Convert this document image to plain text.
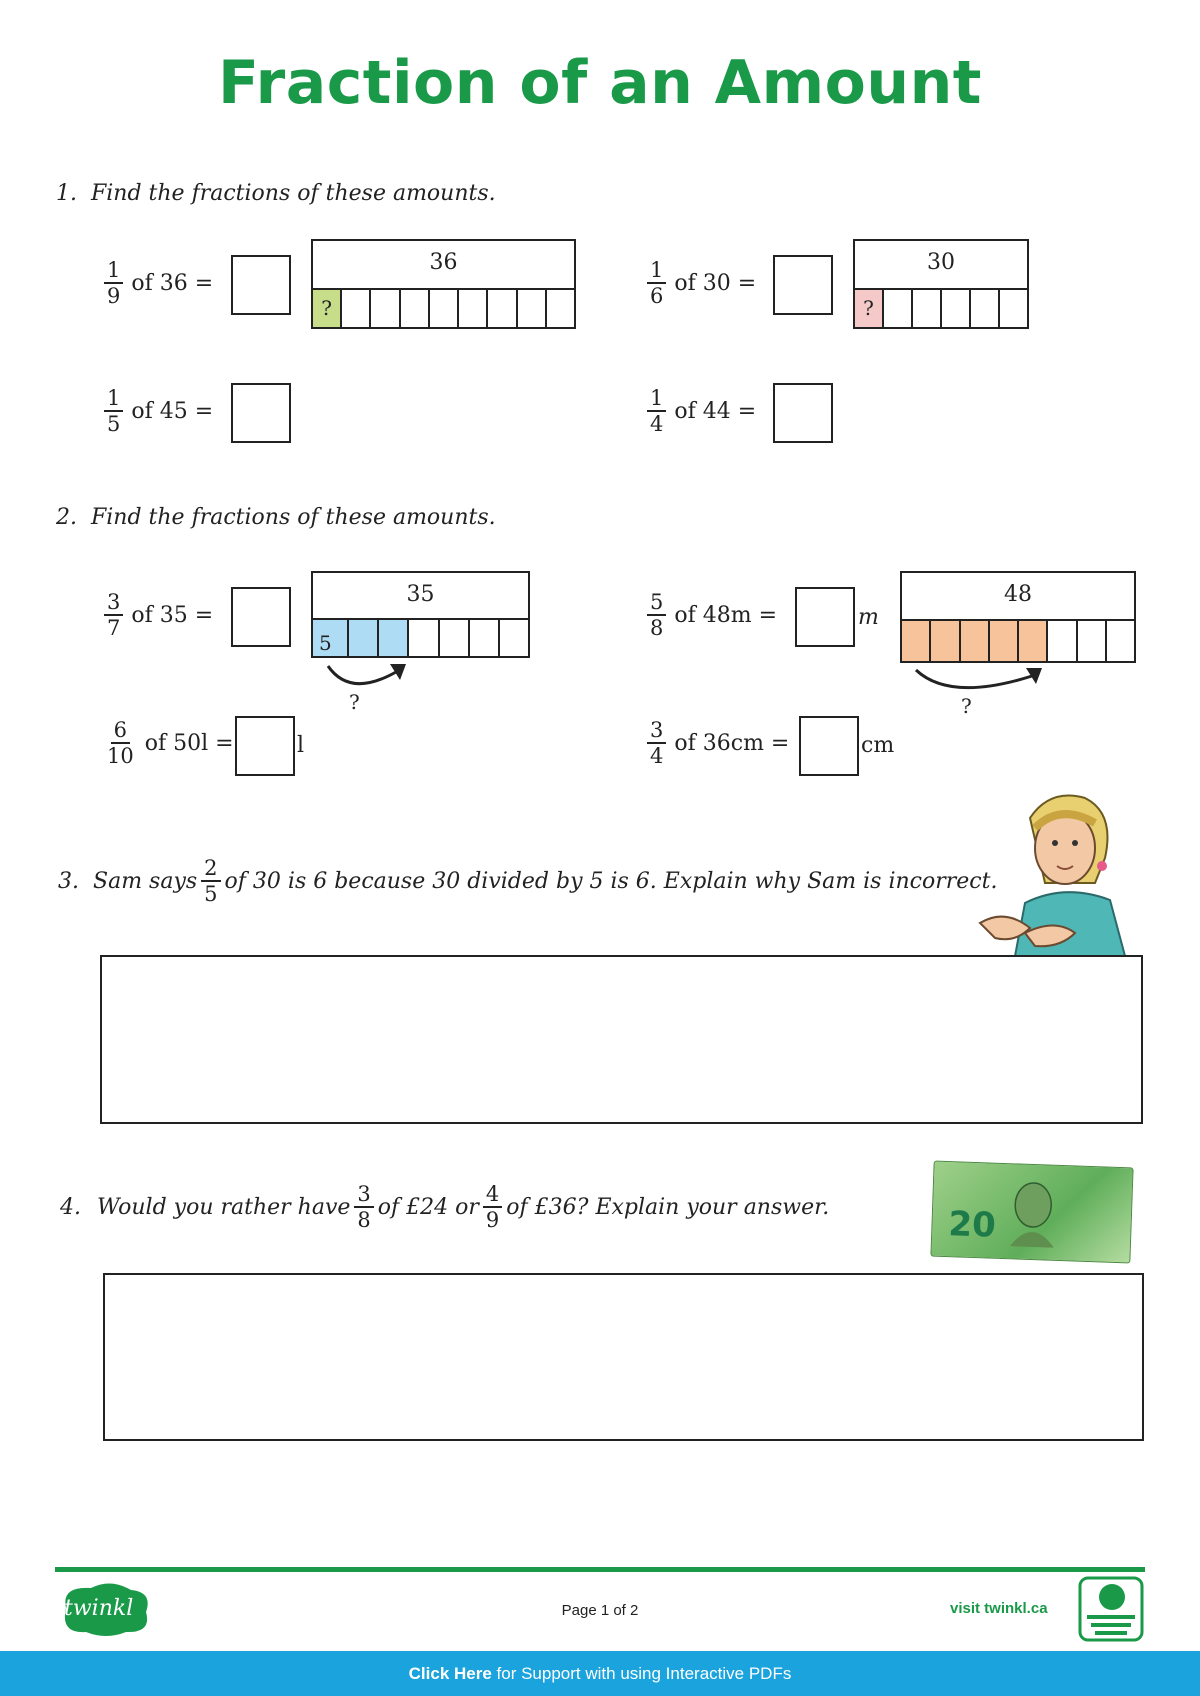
Fraction of an Amount
1. Find the fractions of these amounts.
$\frac{1}{9}$ of 36 =
36
?	$\frac{1}{6}$ of 30 =
30
?
$\frac{1}{5}$ of 45 =	$\frac{1}{4}$ of 44 =
2. Find the fractions of these amounts.
$\frac{3}{7}$ of 35 =
35
5
?
$\frac{5}{8}$ of 48m =	m
48
?
$\frac{6}{10}$ of 50l =	l	$\frac{3}{4}$ of 36cm =	cm
3. Sam says $\frac{2}{5}$ of 30 is 6 because 30 divided by 5 is 6. Explain why Sam is incorrect.
4. Would you rather have $\frac{3}{8}$ of £24 or $\frac{4}{9}$ of £36? Explain your answer.	20
twinkl	Page 1 of 2	visit twinkl.ca
Click Here for Support with using Interactive PDFs
